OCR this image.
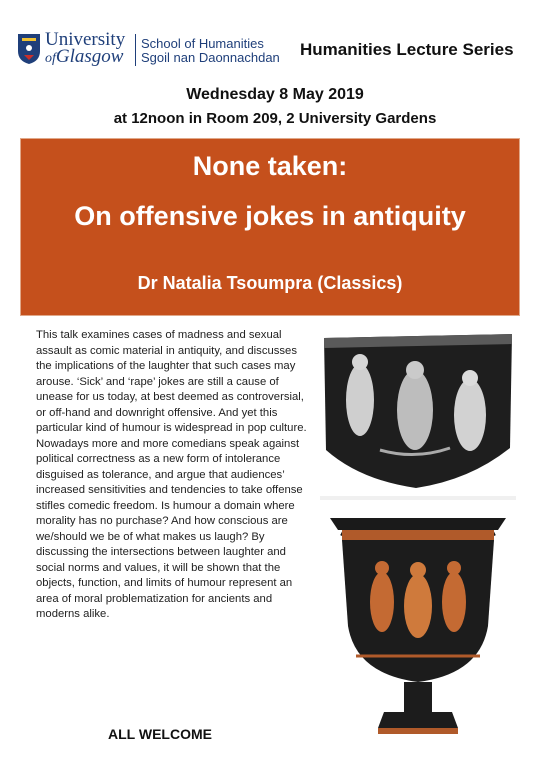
University
ofGlasgow
School of Humanities
Sgoil nan Daonnachdan Humanities Lecture Series
Wednesday 8 May 2019
at 12noon in Room 209, 2 University Gardens
None taken:
On offensive jokes in antiquity
Dr Natalia Tsoumpra (Classics)
This talk examines cases of madness and sexual assault as comic material in antiquity, and discusses the implications of the laughter that such cases may arouse. ‘Sick’ and ‘rape’ jokes are still a cause of unease for us today, at best deemed as controversial, or off-hand and downright offensive. And yet this particular kind of humour is widespread in pop culture. Nowadays more and more comedians speak against political correctness as a new form of intolerance disguised as tolerance, and argue that audiences’ increased sensitivities and tendencies to take offense stifles comedic freedom. Is humour a domain where morality has no purchase? And how conscious are we/should we be of what makes us laugh? By discussing the intersections between laughter and social norms and values, it will be shown that the objects, function, and limits of humour represent an area of moral problematization for ancients and moderns alike.
ALL WELCOME
